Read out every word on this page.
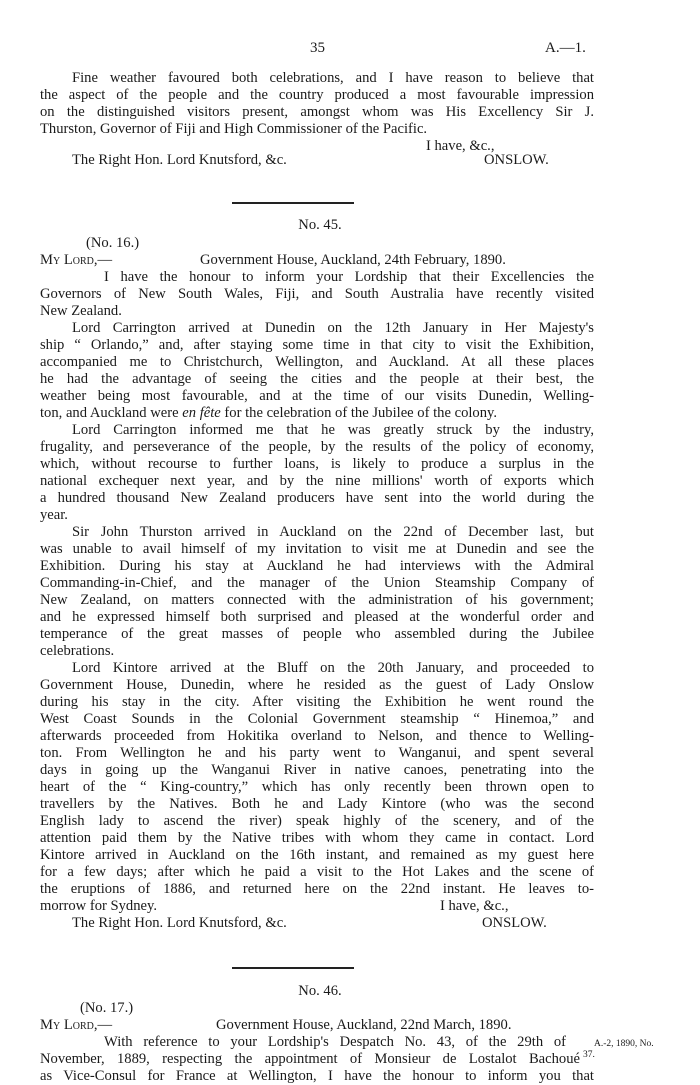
35	A.—1.
Fine weather favoured both celebrations, and I have reason to believe that
the aspect of the people and the country produced a most favourable impression
on the distinguished visitors present, amongst whom was His Excellency Sir J.
Thurston, Governor of Fiji and High Commissioner of the Pacific.
I have, &c.,
The Right Hon. Lord Knutsford, &c.	ONSLOW.
No. 45.
(No. 16.)
My Lord,—	Government House, Auckland, 24th February, 1890.
I have the honour to inform your Lordship that their Excellencies the
Governors of New South Wales, Fiji, and South Australia have recently visited
New Zealand.
Lord Carrington arrived at Dunedin on the 12th January in Her Majesty's
ship “ Orlando,” and, after staying some time in that city to visit the Exhibition,
accompanied me to Christchurch, Wellington, and Auckland. At all these places
he had the advantage of seeing the cities and the people at their best, the
weather being most favourable, and at the time of our visits Dunedin, Welling-
ton, and Auckland were en fête for the celebration of the Jubilee of the colony.
Lord Carrington informed me that he was greatly struck by the industry,
frugality, and perseverance of the people, by the results of the policy of economy,
which, without recourse to further loans, is likely to produce a surplus in the
national exchequer next year, and by the nine millions' worth of exports which
a hundred thousand New Zealand producers have sent into the world during the
year.
Sir John Thurston arrived in Auckland on the 22nd of December last, but
was unable to avail himself of my invitation to visit me at Dunedin and see the
Exhibition. During his stay at Auckland he had interviews with the Admiral
Commanding-in-Chief, and the manager of the Union Steamship Company of
New Zealand, on matters connected with the administration of his government;
and he expressed himself both surprised and pleased at the wonderful order and
temperance of the great masses of people who assembled during the Jubilee
celebrations.
Lord Kintore arrived at the Bluff on the 20th January, and proceeded to
Government House, Dunedin, where he resided as the guest of Lady Onslow
during his stay in the city. After visiting the Exhibition he went round the
West Coast Sounds in the Colonial Government steamship “ Hinemoa,” and
afterwards proceeded from Hokitika overland to Nelson, and thence to Welling-
ton. From Wellington he and his party went to Wanganui, and spent several
days in going up the Wanganui River in native canoes, penetrating into the
heart of the “ King-country,” which has only recently been thrown open to
travellers by the Natives. Both he and Lady Kintore (who was the second
English lady to ascend the river) speak highly of the scenery, and of the
attention paid them by the Native tribes with whom they came in contact. Lord
Kintore arrived in Auckland on the 16th instant, and remained as my guest here
for a few days; after which he paid a visit to the Hot Lakes and the scene of
the eruptions of 1886, and returned here on the 22nd instant. He leaves to-
morrow for Sydney.	I have, &c.,
The Right Hon. Lord Knutsford, &c.	ONSLOW.
No. 46.
(No. 17.)
My Lord,—	Government House, Auckland, 22nd March, 1890.
With reference to your Lordship's Despatch No. 43, of the 29th of	A.-2, 1890, No.
November, 1889, respecting the appointment of Monsieur de Lostalot Bachoué 37.
as Vice-Consul for France at Wellington, I have the honour to inform you that
